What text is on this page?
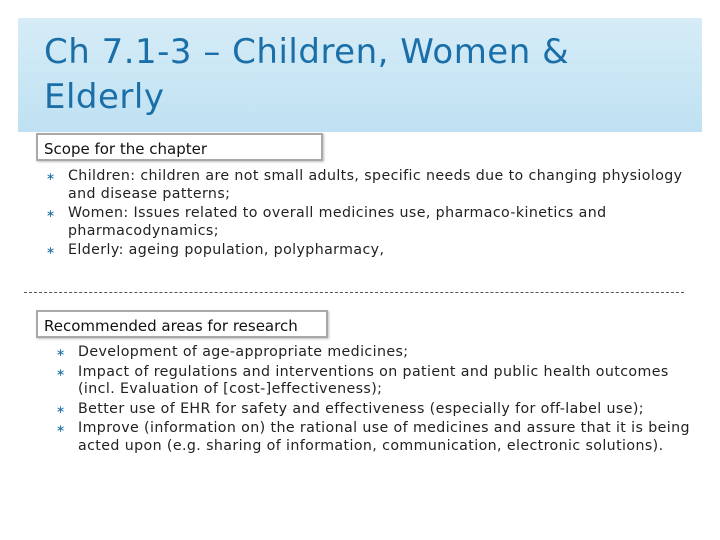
Ch 7.1-3 – Children, Women & Elderly
Scope for the chapter
∗ Children: children are not small adults, specific needs due to changing physiology and disease patterns;
∗ Women: Issues related to overall medicines use, pharmaco-kinetics and pharmacodynamics;
∗ Elderly: ageing population, polypharmacy,
Recommended areas for research
∗ Development of age-appropriate medicines;
∗ Impact of regulations and interventions on patient and public health outcomes (incl. Evaluation of [cost-]effectiveness);
∗ Better use of EHR for safety and effectiveness (especially for off-label use);
∗ Improve (information on) the rational use of medicines and assure that it is being acted upon (e.g. sharing of information, communication, electronic solutions).
